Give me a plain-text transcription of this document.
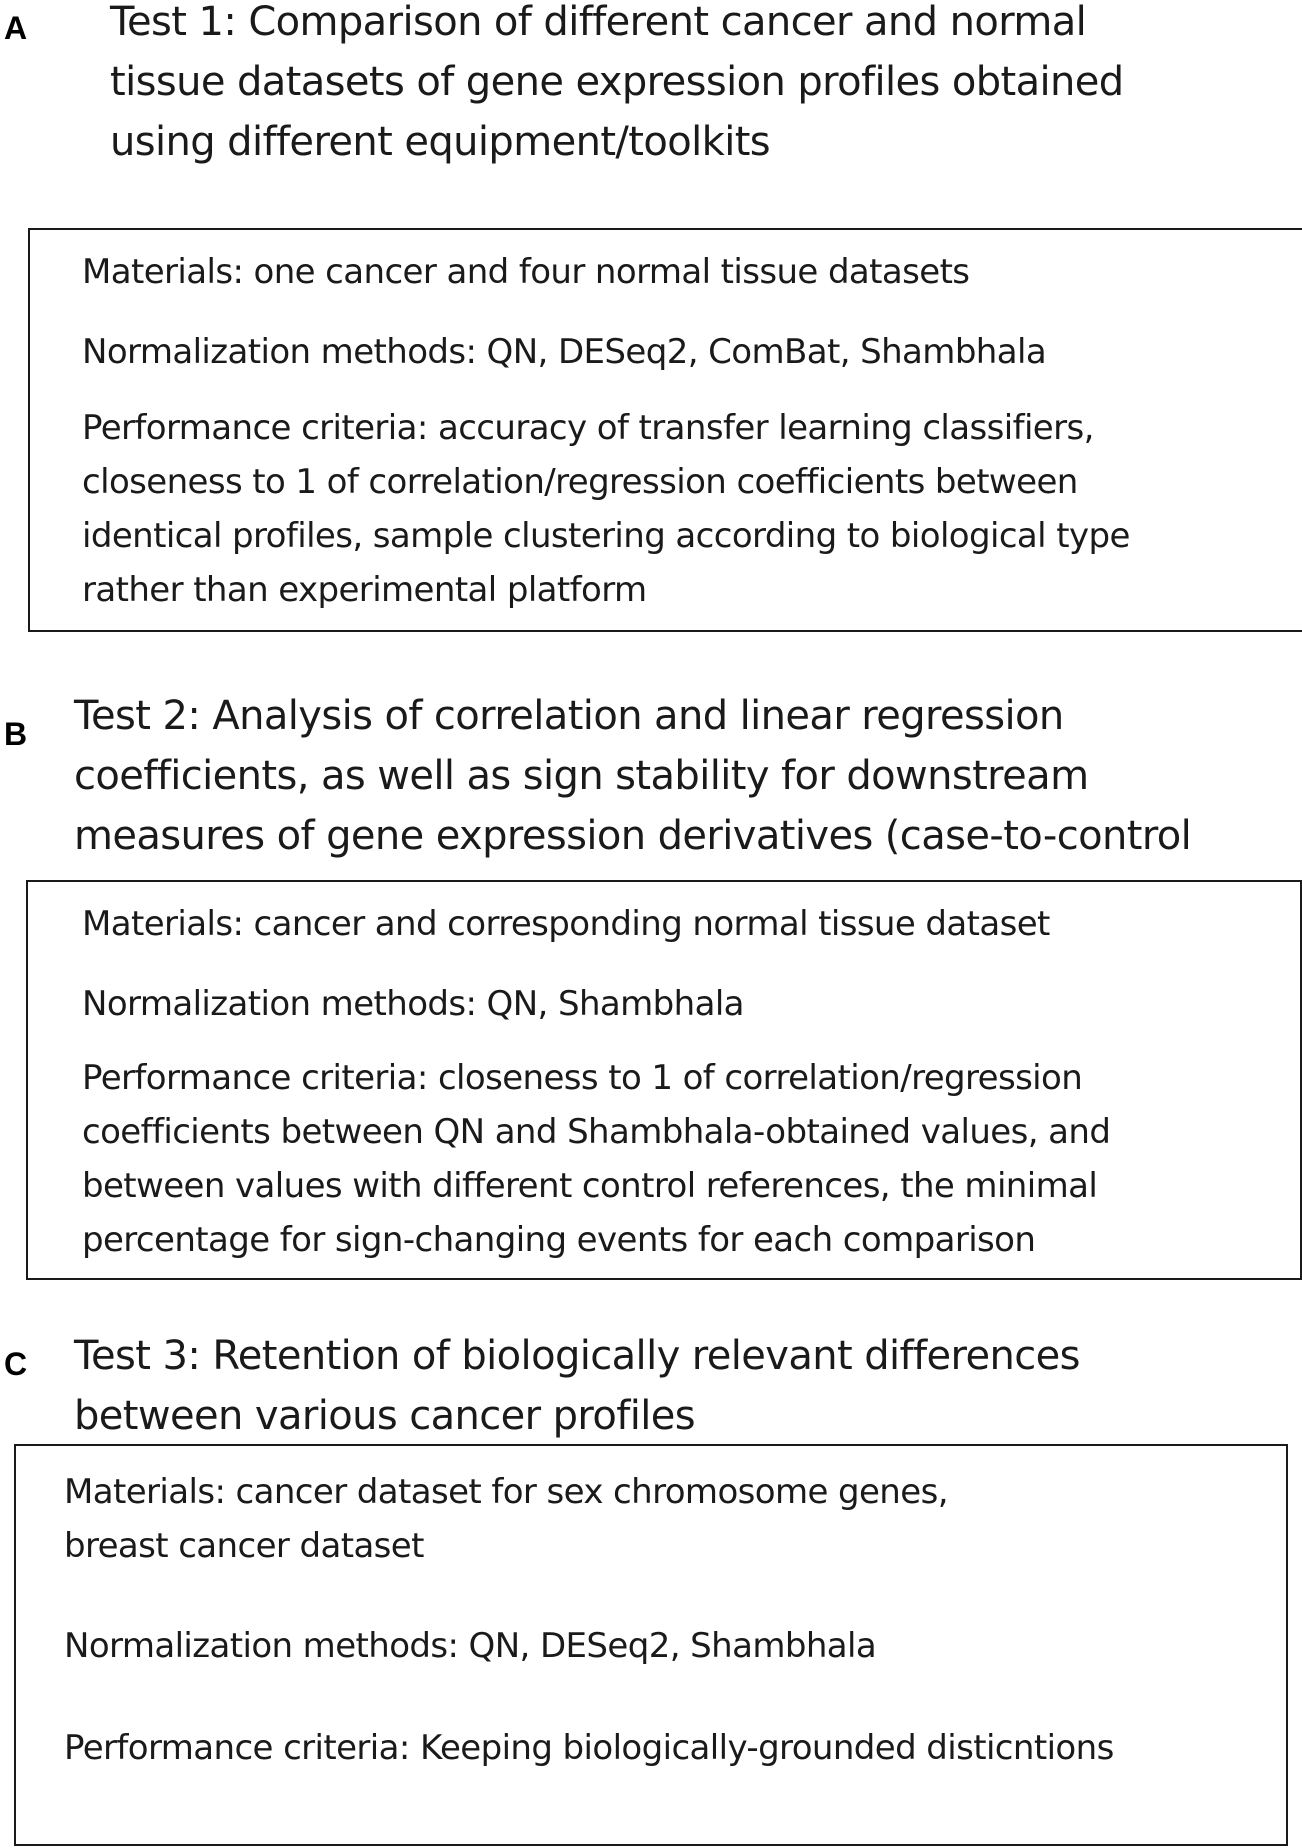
A Test 1: Comparison of different cancer and normal
tissue datasets of gene expression profiles obtained
using different equipment/toolkits
Materials: one cancer and four normal tissue datasets
Normalization methods: QN, DESeq2, ComBat, Shambhala
Performance criteria: accuracy of transfer learning classifiers,
closeness to 1 of correlation/regression coefficients between
identical profiles, sample clustering according to biological type
rather than experimental platform
B Test 2: Analysis of correlation and linear regression
coefficients, as well as sign stability for downstream
measures of gene expression derivatives (case-to-control
Materials: cancer and corresponding normal tissue dataset
Normalization methods: QN, Shambhala
Performance criteria: closeness to 1 of correlation/regression
coefficients between QN and Shambhala-obtained values, and
between values with different control references, the minimal
percentage for sign-changing events for each comparison
C Test 3: Retention of biologically relevant differences
between various cancer profiles
Materials: cancer dataset for sex chromosome genes,
breast cancer dataset
Normalization methods: QN, DESeq2, Shambhala
Performance criteria: Keeping biologically-grounded disticntions
